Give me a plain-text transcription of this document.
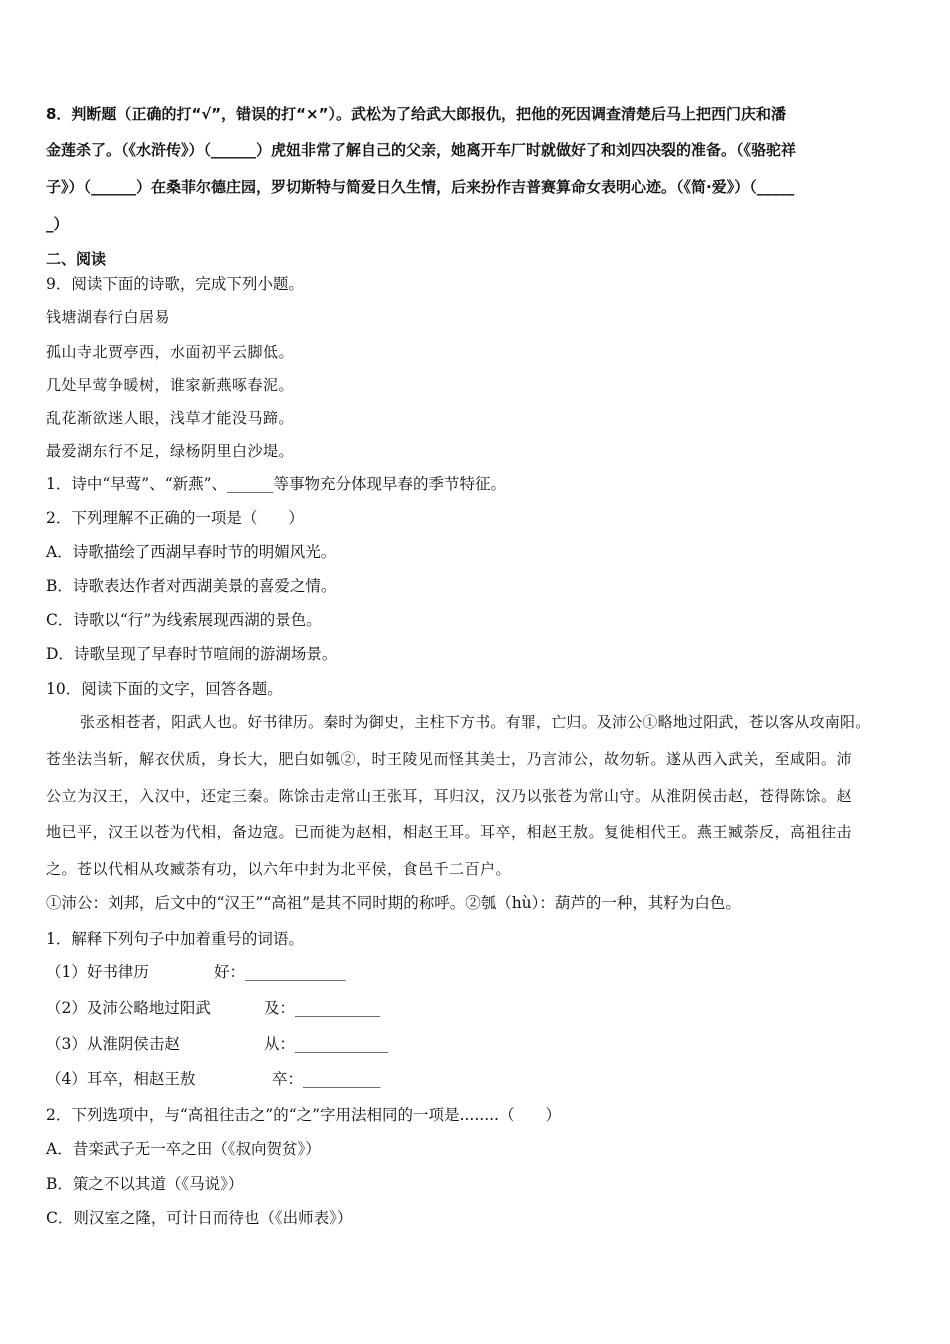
8．判断题（正确的打“√”，错误的打“×”）。武松为了给武大郎报仇，把他的死因调查清楚后马上把西门庆和潘
金莲杀了。（《水浒传》）（______）虎妞非常了解自己的父亲，她离开车厂时就做好了和刘四决裂的准备。（《骆驼祥
子》）（______）在桑菲尔德庄园，罗切斯特与简爱日久生情，后来扮作吉普赛算命女表明心迹。（《简·爱》）（_____
_）
二、阅读
9．阅读下面的诗歌，完成下列小题。
钱塘湖春行白居易
孤山寺北贾亭西，水面初平云脚低。
几处早莺争暖树，谁家新燕啄春泥。
乱花渐欲迷人眼，浅草才能没马蹄。
最爱湖东行不足，绿杨阴里白沙堤。
1．诗中“早莺”、“新燕”、______等事物充分体现早春的季节特征。
2．下列理解不正确的一项是（　　）
A．诗歌描绘了西湖早春时节的明媚风光。
B．诗歌表达作者对西湖美景的喜爱之情。
C．诗歌以“行”为线索展现西湖的景色。
D．诗歌呈现了早春时节喧闹的游湖场景。
10．阅读下面的文字，回答各题。
张丞相苍者，阳武人也。好书律历。秦时为御史，主柱下方书。有罪，亡归。及沛公①略地过阳武，苍以客从攻南阳。
苍坐法当斩，解衣伏质，身长大，肥白如瓠②，时王陵见而怪其美士，乃言沛公，故勿斩。遂从西入武关，至咸阳。沛
公立为汉王，入汉中，还定三秦。陈馀击走常山王张耳，耳归汉，汉乃以张苍为常山守。从淮阴侯击赵，苍得陈馀。赵
地已平，汉王以苍为代相，备边寇。已而徙为赵相，相赵王耳。耳卒，相赵王敖。复徙相代王。燕王臧荼反，高祖往击
之。苍以代相从攻臧荼有功，以六年中封为北平侯，食邑千二百户。
①沛公：刘邦，后文中的“汉王”“高祖”是其不同时期的称呼。②瓠（hù）：葫芦的一种，其籽为白色。
1．解释下列句子中加着重号的词语。
（1）好书律历	好：_____________
（2）及沛公略地过阳武	及：___________
（3）从淮阴侯击赵	从：____________
（4）耳卒，相赵王敖	卒：__________
2．下列选项中，与“高祖往击之”的“之”字用法相同的一项是........（　　）
A．昔栾武子无一卒之田（《叔向贺贫》）
B．策之不以其道（《马说》）
C．则汉室之隆，可计日而待也（《出师表》）
